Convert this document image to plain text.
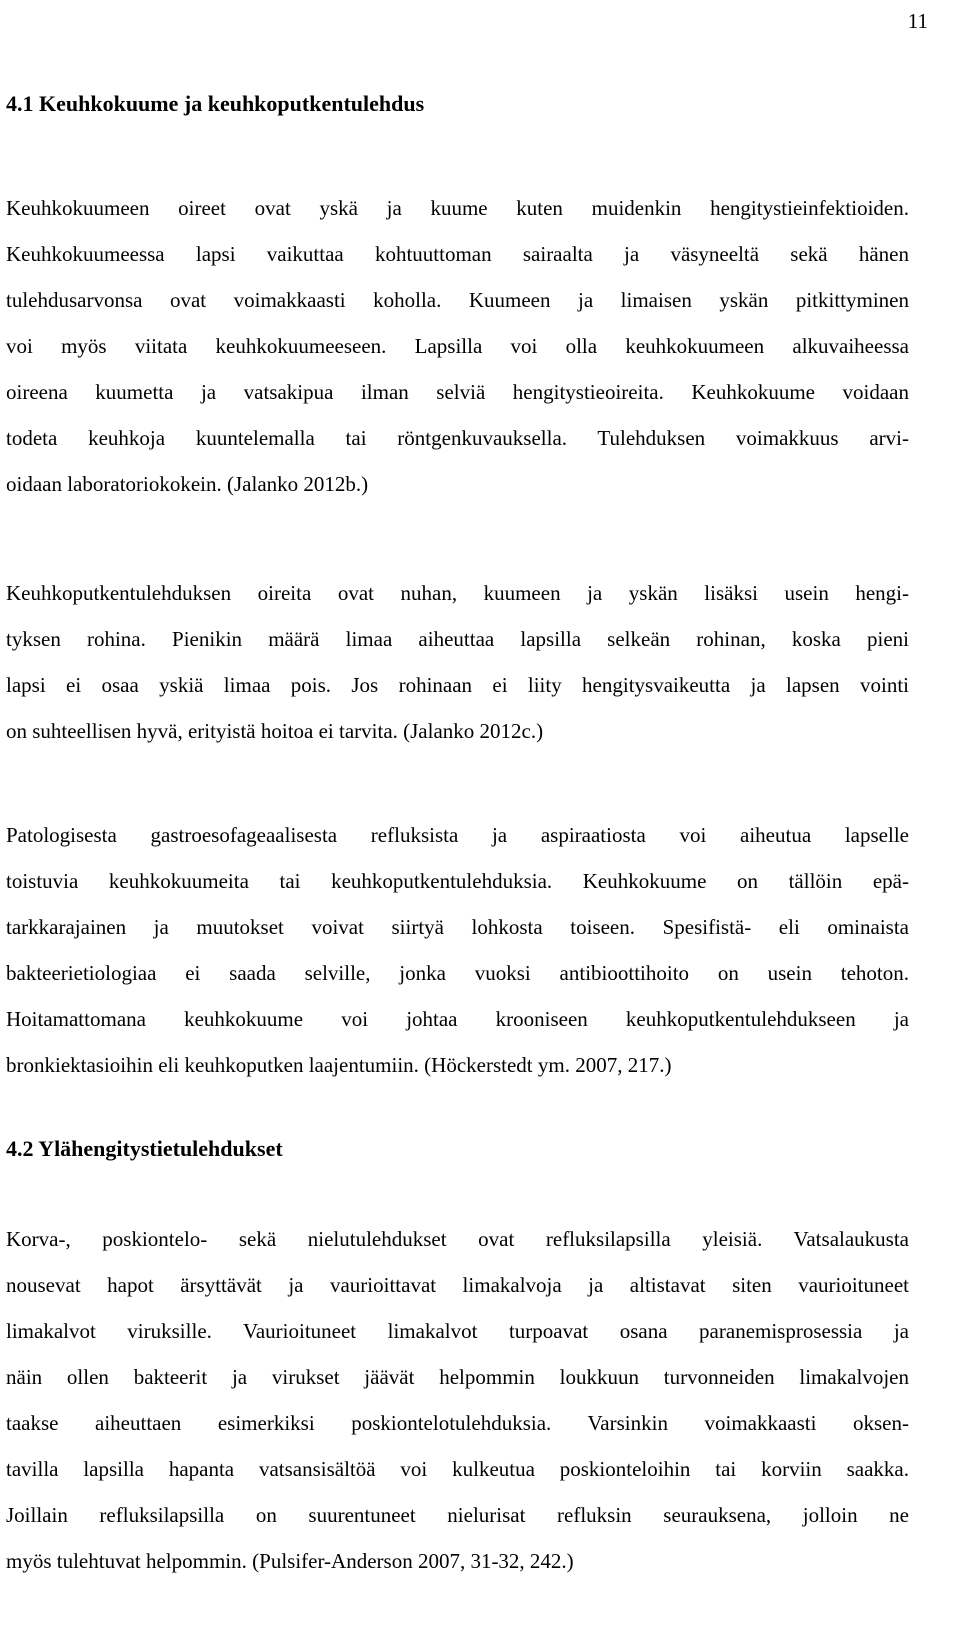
11
4.1 Keuhkokuume ja keuhkoputkentulehdus

Keuhkokuumeen oireet ovat yskä ja kuume kuten muidenkin hengitystieinfektioiden.
Keuhkokuumeessa lapsi vaikuttaa kohtuuttoman sairaalta ja väsyneeltä sekä hänen
tulehdusarvonsa ovat voimakkaasti koholla. Kuumeen ja limaisen yskän pitkittyminen
voi myös viitata keuhkokuumeeseen. Lapsilla voi olla keuhkokuumeen alkuvaiheessa
oireena kuumetta ja vatsakipua ilman selviä hengitystieoireita. Keuhkokuume voidaan
todeta keuhkoja kuuntelemalla tai röntgenkuvauksella. Tulehduksen voimakkuus arvi-
oidaan laboratoriokokein. (Jalanko 2012b.)

Keuhkoputkentulehduksen oireita ovat nuhan, kuumeen ja yskän lisäksi usein hengi-
tyksen rohina. Pienikin määrä limaa aiheuttaa lapsilla selkeän rohinan, koska pieni
lapsi ei osaa yskiä limaa pois. Jos rohinaan ei liity hengitysvaikeutta ja lapsen vointi
on suhteellisen hyvä, erityistä hoitoa ei tarvita. (Jalanko 2012c.)

Patologisesta gastroesofageaalisesta refluksista ja aspiraatiosta voi aiheutua lapselle
toistuvia keuhkokuumeita tai keuhkoputkentulehduksia. Keuhkokuume on tällöin epä-
tarkkarajainen ja muutokset voivat siirtyä lohkosta toiseen. Spesifistä- eli ominaista
bakteerietiologiaa ei saada selville, jonka vuoksi antibioottihoito on usein tehoton.
Hoitamattomana keuhkokuume voi johtaa krooniseen keuhkoputkentulehdukseen ja
bronkiektasioihin eli keuhkoputken laajentumiin. (Höckerstedt ym. 2007, 217.)

4.2 Ylähengitystietulehdukset

Korva-, poskiontelo- sekä nielutulehdukset ovat refluksilapsilla yleisiä. Vatsalaukusta
nousevat hapot ärsyttävät ja vaurioittavat limakalvoja ja altistavat siten vaurioituneet
limakalvot viruksille. Vaurioituneet limakalvot turpoavat osana paranemisprosessia ja
näin ollen bakteerit ja virukset jäävät helpommin loukkuun turvonneiden limakalvojen
taakse aiheuttaen esimerkiksi poskiontelotulehduksia. Varsinkin voimakkaasti oksen-
tavilla lapsilla hapanta vatsansisältöä voi kulkeutua poskionteloihin tai korviin saakka.
Joillain refluksilapsilla on suurentuneet nielurisat refluksin seurauksena, jolloin ne
myös tulehtuvat helpommin. (Pulsifer-Anderson 2007, 31-32, 242.)
